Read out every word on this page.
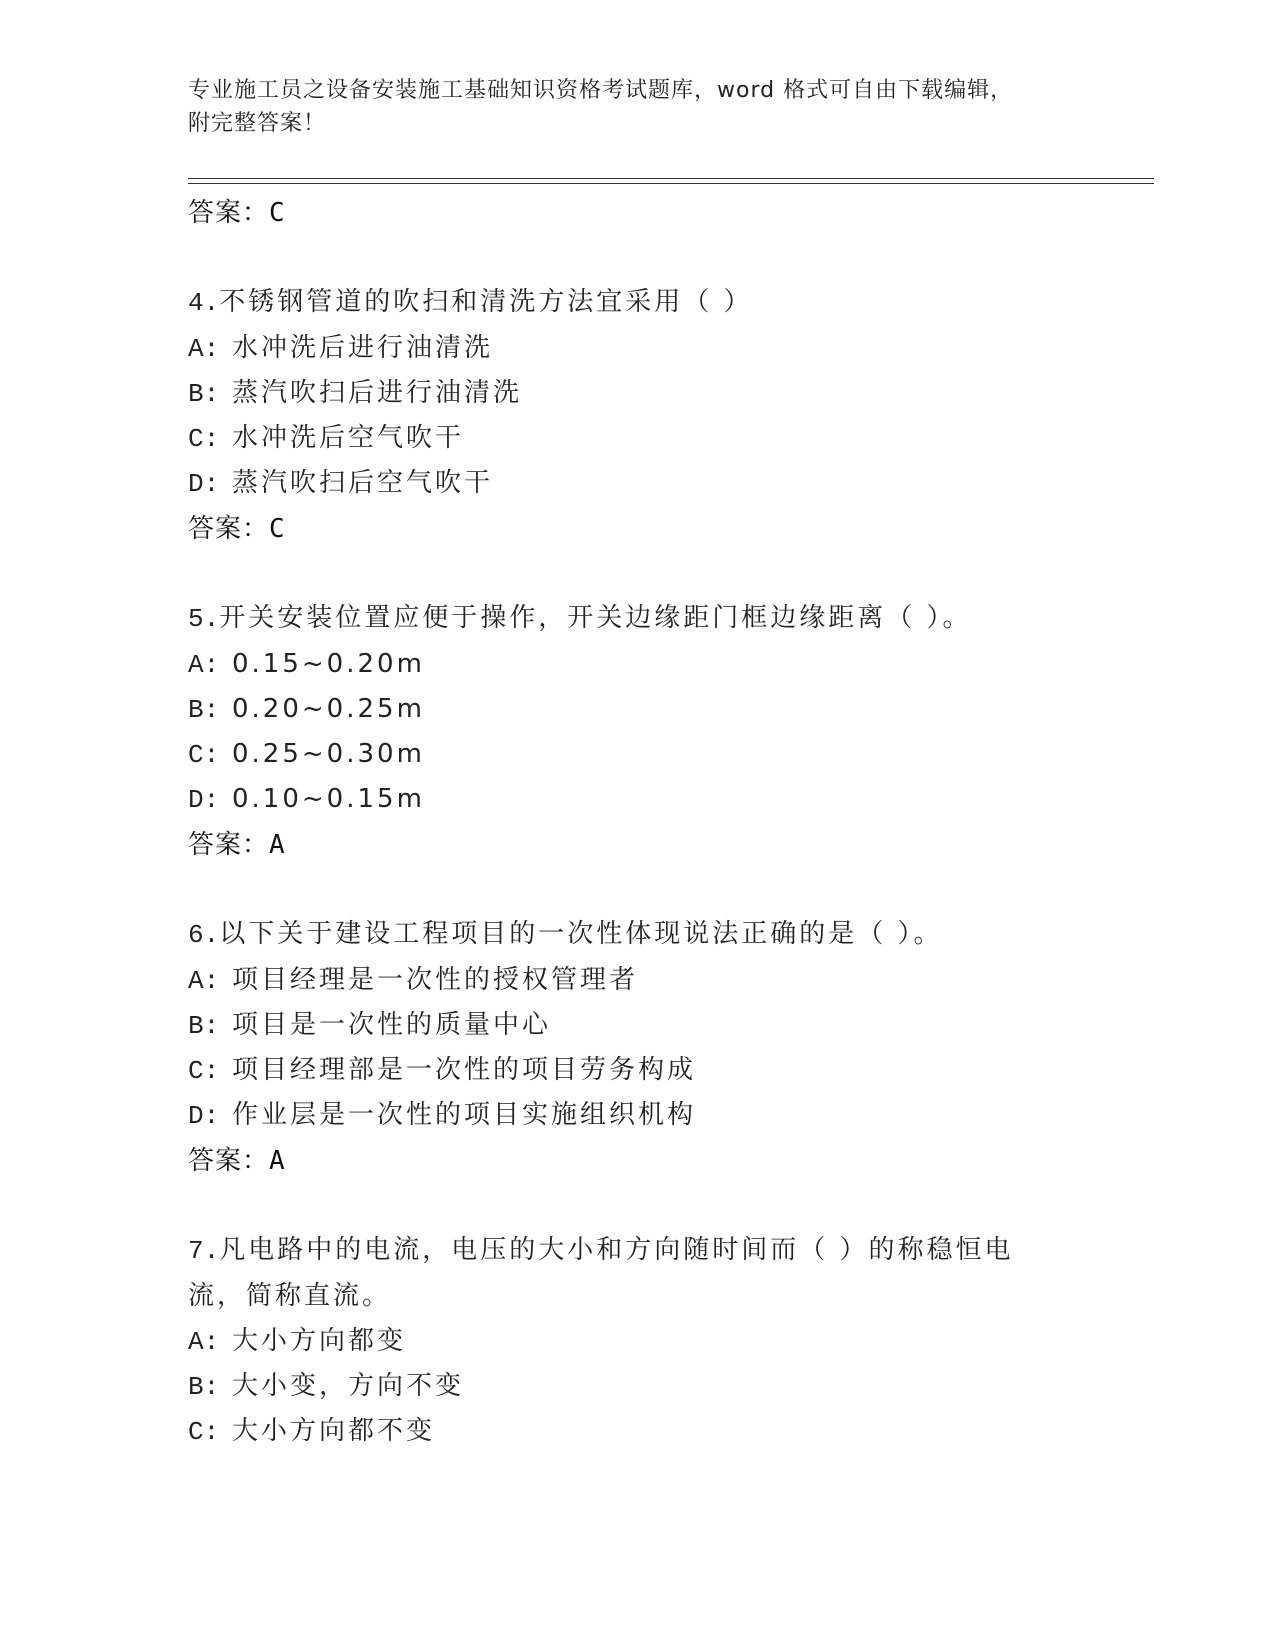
专业施工员之设备安装施工基础知识资格考试题库，word 格式可自由下载编辑，
附完整答案！
答案：C
4.不锈钢管道的吹扫和清洗方法宜采用（ ）
A: 水冲洗后进行油清洗
B: 蒸汽吹扫后进行油清洗
C: 水冲洗后空气吹干
D: 蒸汽吹扫后空气吹干
答案：C
5.开关安装位置应便于操作，开关边缘距门框边缘距离（ ）。
A: 0.15~0.20m
B: 0.20~0.25m
C: 0.25~0.30m
D: 0.10~0.15m
答案：A
6.以下关于建设工程项目的一次性体现说法正确的是（ ）。
A: 项目经理是一次性的授权管理者
B: 项目是一次性的质量中心
C: 项目经理部是一次性的项目劳务构成
D: 作业层是一次性的项目实施组织机构
答案：A
7.凡电路中的电流，电压的大小和方向随时间而（ ）的称稳恒电流，简称直流。
A: 大小方向都变
B: 大小变，方向不变
C: 大小方向都不变
